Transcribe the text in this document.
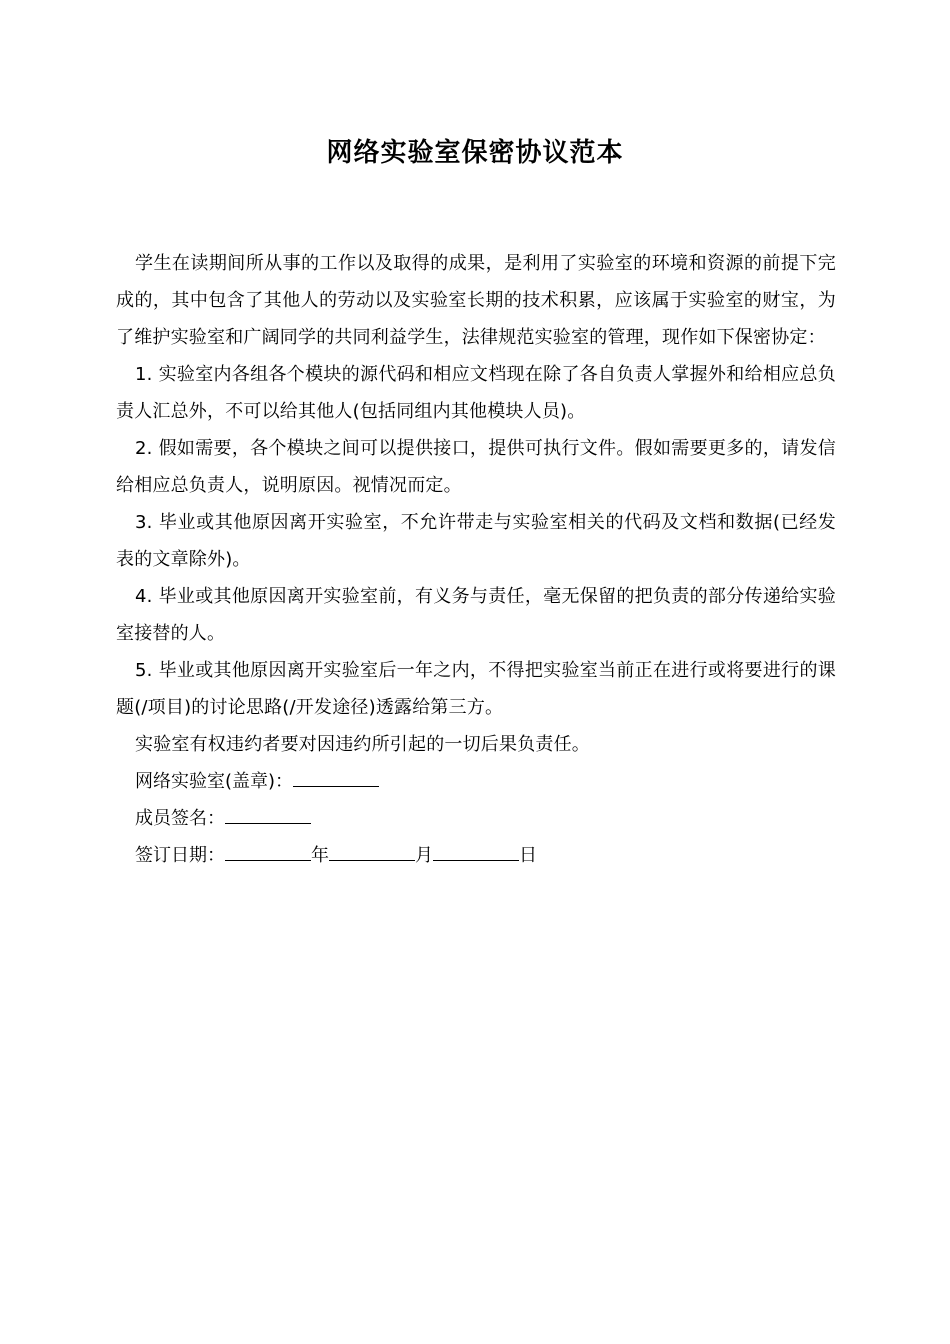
网络实验室保密协议范本

学生在读期间所从事的工作以及取得的成果，是利用了实验室的环境和资源的前提下完成的，其中包含了其他人的劳动以及实验室长期的技术积累，应该属于实验室的财宝，为了维护实验室和广阔同学的共同利益学生，法律规范实验室的管理，现作如下保密协定：

1. 实验室内各组各个模块的源代码和相应文档现在除了各自负责人掌握外和给相应总负责人汇总外，不可以给其他人(包括同组内其他模块人员)。

2. 假如需要，各个模块之间可以提供接口，提供可执行文件。假如需要更多的，请发信给相应总负责人，说明原因。视情况而定。

3. 毕业或其他原因离开实验室，不允许带走与实验室相关的代码及文档和数据(已经发表的文章除外)。

4. 毕业或其他原因离开实验室前，有义务与责任，毫无保留的把负责的部分传递给实验室接替的人。

5. 毕业或其他原因离开实验室后一年之内，不得把实验室当前正在进行或将要进行的课题(/项目)的讨论思路(/开发途径)透露给第三方。

实验室有权违约者要对因违约所引起的一切后果负责任。

网络实验室(盖章)：

成员签名：

签订日期：	年	月	日
